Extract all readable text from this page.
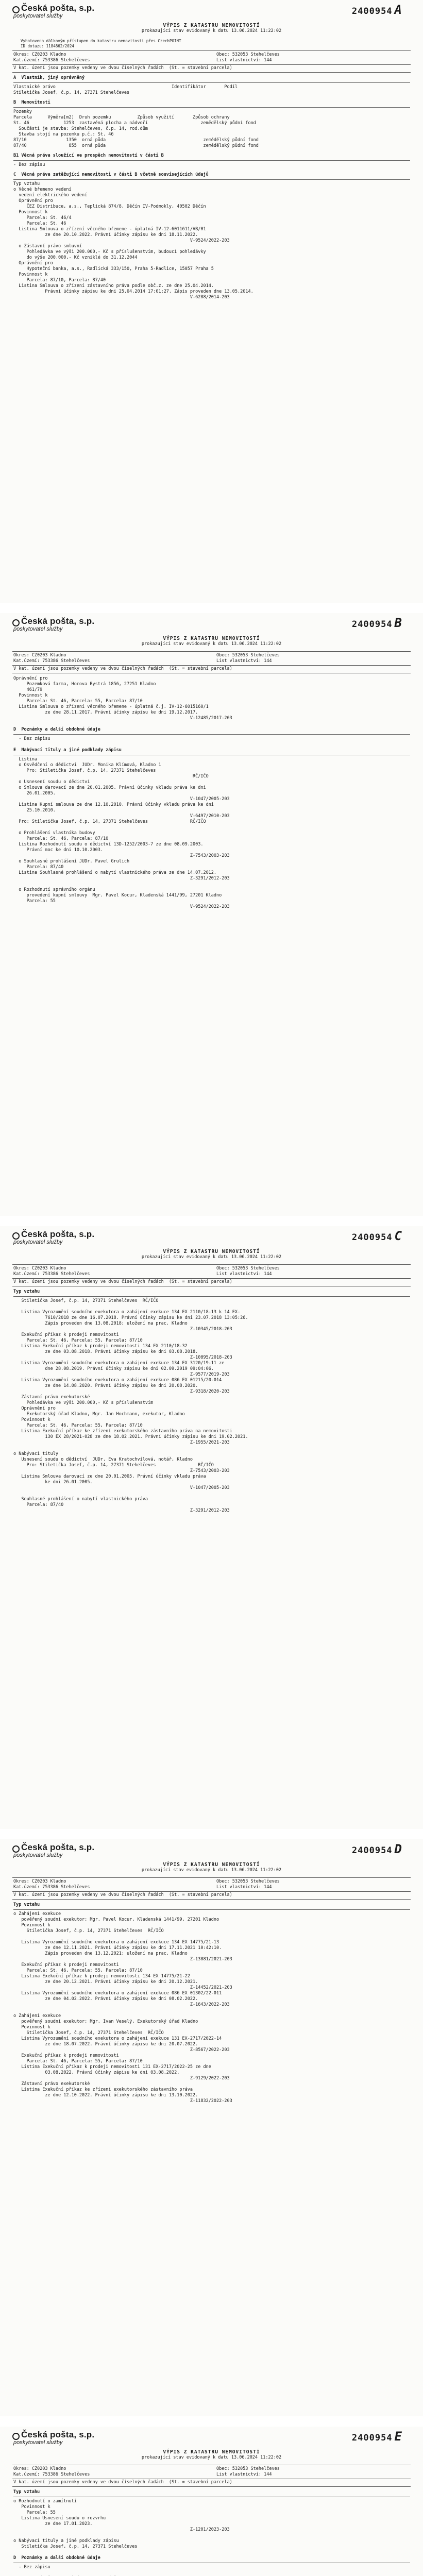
Česká pošta, s.p.
poskytovatel služby	2400954 A
VÝPIS Z KATASTRU NEMOVITOSTÍ
prokazující stav evidovaný k datu 13.06.2024 11:22:02
Vyhotoveno dálkovým přístupem do katastru nemovitostí přes CzechPOINT
ID dotazu: 1184862/2024
Okres: CZ0203 Kladno	Obec: 532053 Stehelčeves
Kat.území: 753386 Stehelčeves	List vlastnictví: 144
V kat. území jsou pozemky vedeny ve dvou číselných řadách  (St. = stavební parcela)
A  Vlastník, jiný oprávněný
Vlastnické právo                                            Identifikátor       Podíl
Stiletička Josef, č.p. 14, 27371 Stehelčeves
B  Nemovitosti
Pozemky
Parcela      Výměra[m2]  Druh pozemku          Způsob využití       Způsob ochrany
St. 46             1253  zastavěná plocha a nádvoří                    zemědělský půdní fond
Součástí je stavba: Stehelčeves, č.p. 14, rod.dům
Stavba stojí na pozemku p.č.: St. 46
87/10               1350  orná půda                                     zemědělský půdní fond
87/40                855  orná půda                                     zemědělský půdní fond
B1 Věcná práva sloužící ve prospěch nemovitostí v části B
- Bez zápisu
C  Věcná práva zatěžující nemovitosti v části B včetně souvisejících údajů
Typ vztahu
o Věcné břemeno vedení
vedení elektrického vedení
Oprávnění pro
ČEZ Distribuce, a.s., Teplická 874/8, Děčín IV-Podmokly, 40502 Děčín
Povinnost k
Parcela: St. 46/4
Parcela: St. 46
Listina Smlouva o zřízení věcného břemene - úplatná IV-12-6011611/VB/01
ze dne 20.10.2022. Právní účinky zápisu ke dni 18.11.2022.
V-9524/2022-203
o Zástavní právo smluvní
Pohledávka ve výši 200.000,- Kč s příslušenstvím, budoucí pohledávky
do výše 200.000,- Kč vzniklé do 31.12.2044
Oprávnění pro
Hypoteční banka, a.s., Radlická 333/150, Praha 5-Radlice, 15057 Praha 5
Povinnost k
Parcela: 87/10, Parcela: 87/40
Listina Smlouva o zřízení zástavního práva podle obč.z. ze dne 25.04.2014.
Právní účinky zápisu ke dni 25.04.2014 17:01:27. Zápis proveden dne 13.05.2014.
V-6288/2014-203
Česká pošta, s.p.
poskytovatel služby	2400954 B
VÝPIS Z KATASTRU NEMOVITOSTÍ
prokazující stav evidovaný k datu 13.06.2024 11:22:02
Okres: CZ0203 Kladno	Obec: 532053 Stehelčeves
Kat.území: 753386 Stehelčeves	List vlastnictví: 144
V kat. území jsou pozemky vedeny ve dvou číselných řadách  (St. = stavební parcela)
Oprávnění pro
Pozemková farma, Horova Bystrá 1856, 27251 Kladno
461/79
Povinnost k
Parcela: St. 46, Parcela: 55, Parcela: 87/10
Listina Smlouva o zřízení věcného břemene - úplatná č.j. IV-12-6015160/1
ze dne 28.11.2017. Právní účinky zápisu ke dni 19.12.2017.
V-12485/2017-203
D  Poznámky a další obdobné údaje
- Bez zápisu
E  Nabývací tituly a jiné podklady zápisu
Listina
o Osvědčení o dědictví  JUDr. Monika Klímová, Kladno 1
Pro: Stiletička Josef, č.p. 14, 27371 Stehelčeves
RČ/IČO
o Usnesení soudu o dědictví
o Smlouva darovací ze dne 20.01.2005. Právní účinky vkladu práva ke dni
26.01.2005.
V-1047/2005-203
Listina Kupní smlouva ze dne 12.10.2010. Právní účinky vkladu práva ke dni
25.10.2010.
V-6497/2010-203
Pro: Stiletička Josef, č.p. 14, 27371 Stehelčeves                RČ/IČO
o Prohlášení vlastníka budovy
Parcela: St. 46, Parcela: 87/10
Listina Rozhodnutí soudu o dědictví 13D-1252/2003-7 ze dne 08.09.2003.
Právní moc ke dni 10.10.2003.
Z-7543/2003-203
o Souhlasné prohlášení JUDr. Pavel Grulich
Parcela: 87/40
Listina Souhlasné prohlášení o nabytí vlastnického práva ze dne 14.07.2012.
Z-3291/2012-203
o Rozhodnutí správního orgánu
provedení kupní smlouvy  Mgr. Pavel Kocur, Kladenská 1441/99, 27201 Kladno
Parcela: 55
V-9524/2022-203
Česká pošta, s.p.
poskytovatel služby	2400954 C
VÝPIS Z KATASTRU NEMOVITOSTÍ
prokazující stav evidovaný k datu 13.06.2024 11:22:02
Okres: CZ0203 Kladno	Obec: 532053 Stehelčeves
Kat.území: 753386 Stehelčeves	List vlastnictví: 144
V kat. území jsou pozemky vedeny ve dvou číselných řadách  (St. = stavební parcela)
Typ vztahu
Stiletička Josef, č.p. 14, 27371 Stehelčeves  RČ/IČO
Listina Vyrozumění soudního exekutora o zahájení exekuce 134 EX 2110/18-13 k 14 EX-
7610/2018 ze dne 16.07.2018. Právní účinky zápisu ke dni 23.07.2018 13:05:26.
Zápis proveden dne 13.08.2018; uložení na prac. Kladno
Z-10345/2018-203
Exekuční příkaz k prodeji nemovitosti
Parcela: St. 46, Parcela: 55, Parcela: 87/10
Listina Exekuční příkaz k prodeji nemovitosti 134 EX 2110/18-32
ze dne 03.08.2018. Právní účinky zápisu ke dni 03.08.2018.
Z-10895/2018-203
Listina Vyrozumění soudního exekutora o zahájení exekuce 134 EX 3120/19-11 ze
dne 28.08.2019. Právní účinky zápisu ke dni 02.09.2019 09:04:06.
Z-9577/2019-203
Listina Vyrozumění soudního exekutora o zahájení exekuce 086 EX 01215/20-014
ze dne 14.08.2020. Právní účinky zápisu ke dni 20.08.2020.
Z-9318/2020-203
Zástavní právo exekutorské
Pohledávka ve výši 200.000,- Kč s příslušenstvím
Oprávnění pro
Exekutorský úřad Kladno, Mgr. Jan Hochmann, exekutor, Kladno
Povinnost k
Parcela: St. 46, Parcela: 55, Parcela: 87/10
Listina Exekuční příkaz ke zřízení exekutorského zástavního práva na nemovitosti
130 EX 28/2021-028 ze dne 18.02.2021. Právní účinky zápisu ke dni 19.02.2021.
Z-1955/2021-203
o Nabývací tituly
Usnesení soudu o dědictví  JUDr. Eva Kratochvílová, notář, Kladno
Pro: Stiletička Josef, č.p. 14, 27371 Stehelčeves                RČ/IČO
Z-7543/2003-203
Listina Smlouva darovací ze dne 20.01.2005. Právní účinky vkladu práva
ke dni 26.01.2005.
V-1047/2005-203
Souhlasné prohlášení o nabytí vlastnického práva
Parcela: 87/40
Z-3291/2012-203
Česká pošta, s.p.
poskytovatel služby	2400954 D
VÝPIS Z KATASTRU NEMOVITOSTÍ
prokazující stav evidovaný k datu 13.06.2024 11:22:02
Okres: CZ0203 Kladno	Obec: 532053 Stehelčeves
Kat.území: 753386 Stehelčeves	List vlastnictví: 144
V kat. území jsou pozemky vedeny ve dvou číselných řadách  (St. = stavební parcela)
Typ vztahu
o Zahájení exekuce
pověřený soudní exekutor: Mgr. Pavel Kocur, Kladenská 1441/99, 27201 Kladno
Povinnost k
Stiletička Josef, č.p. 14, 27371 Stehelčeves  RČ/IČO
Listina Vyrozumění soudního exekutora o zahájení exekuce 134 EX 14775/21-13
ze dne 12.11.2021. Právní účinky zápisu ke dni 17.11.2021 10:42:10.
Zápis proveden dne 13.12.2021; uložení na prac. Kladno
Z-13881/2021-203
Exekuční příkaz k prodeji nemovitosti
Parcela: St. 46, Parcela: 55, Parcela: 87/10
Listina Exekuční příkaz k prodeji nemovitosti 134 EX 14775/21-22
ze dne 20.12.2021. Právní účinky zápisu ke dni 20.12.2021.
Z-14452/2021-203
Listina Vyrozumění soudního exekutora o zahájení exekuce 086 EX 01302/22-011
ze dne 04.02.2022. Právní účinky zápisu ke dni 08.02.2022.
Z-1643/2022-203
o Zahájení exekuce
pověřený soudní exekutor: Mgr. Ivan Veselý, Exekutorský úřad Kladno
Povinnost k
Stiletička Josef, č.p. 14, 27371 Stehelčeves  RČ/IČO
Listina Vyrozumění soudního exekutora o zahájení exekuce 131 EX-2717/2022-14
ze dne 18.07.2022. Právní účinky zápisu ke dni 20.07.2022.
Z-8567/2022-203
Exekuční příkaz k prodeji nemovitosti
Parcela: St. 46, Parcela: 55, Parcela: 87/10
Listina Exekuční příkaz k prodeji nemovitosti 131 EX-2717/2022-25 ze dne
03.08.2022. Právní účinky zápisu ke dni 03.08.2022.
Z-9129/2022-203
Zástavní právo exekutorské
Listina Exekuční příkaz ke zřízení exekutorského zástavního práva
ze dne 12.10.2022. Právní účinky zápisu ke dni 13.10.2022.
Z-11832/2022-203
Česká pošta, s.p.
poskytovatel služby	2400954 E
VÝPIS Z KATASTRU NEMOVITOSTÍ
prokazující stav evidovaný k datu 13.06.2024 11:22:02
Okres: CZ0203 Kladno	Obec: 532053 Stehelčeves
Kat.území: 753386 Stehelčeves	List vlastnictví: 144
V kat. území jsou pozemky vedeny ve dvou číselných řadách  (St. = stavební parcela)
Typ vztahu
o Rozhodnutí o zamítnutí
Povinnost k
Parcela: 55
Listina Usnesení soudu o rozvrhu
ze dne 17.01.2023.
Z-1201/2023-203
o Nabývací tituly a jiné podklady zápisu
Stiletička Josef, č.p. 14, 27371 Stehelčeves
D  Poznámky a další obdobné údaje
- Bez zápisu
